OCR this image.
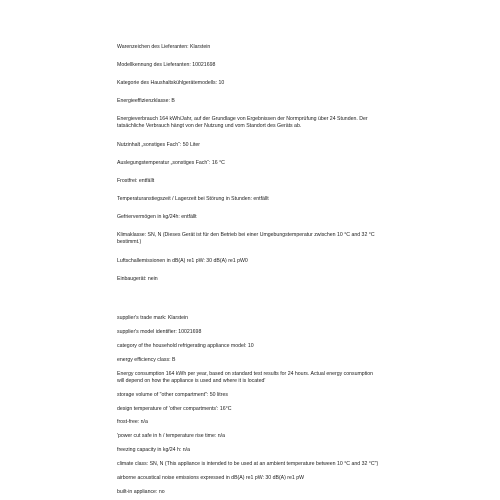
Warenzeichen des Lieferanten: Klarstein
Modellkennung des Lieferanten: 10021698
Kategorie des Haushaltskühlgerätemodells: 10
Energieeffizienzklasse: B
Energieverbrauch 164 kWh/Jahr, auf der Grundlage von Ergebnissen der Normprüfung über 24 Stunden. Der tatsächliche Verbrauch hängt von der Nutzung und vom Standort des Geräts ab.
Nutzinhalt „sonstiges Fach“: 50 Liter
Auslegungstemperatur „sonstiges Fach“: 16 °C
Frostfrei: entfällt
Temperaturanstiegszeit / Lagerzeit bei Störung in Stunden: entfällt
Gefriervermögen in kg/24h: entfällt
Klimaklasse: SN, N (Dieses Gerät ist für den Betrieb bei einer Umgebungstemperatur zwischen 10 °C and 32 °C bestimmt.)
Luftschallemissionen in dB(A) re1 pW: 30 dB(A) re1 pW0
Einbaugerät: nein
supplier's trade mark: Klarstein
supplier's model identifier: 10021698
category of the household refrigerating appliance model: 10
energy efficiency class: B
Energy consumption 164 kWh per year, based on standard test results for 24 hours. Actual energy consumption will depend on how the appliance is used and where it is located'
storage volume of "other compartment": 50 litres
design temperature of 'other compartments': 16°C
frost-free: n/a
'power cut safe in h / temperature rise time: n/a
freezing capacity in kg/24 h: n/a
climate class: SN, N (This appliance is intended to be used at an ambient temperature between 10 °C and 32 °C")
airborne acoustical noise emissions expressed in dB(A) re1 pW: 30 dB(A) re1 pW
built-in appliance: no
